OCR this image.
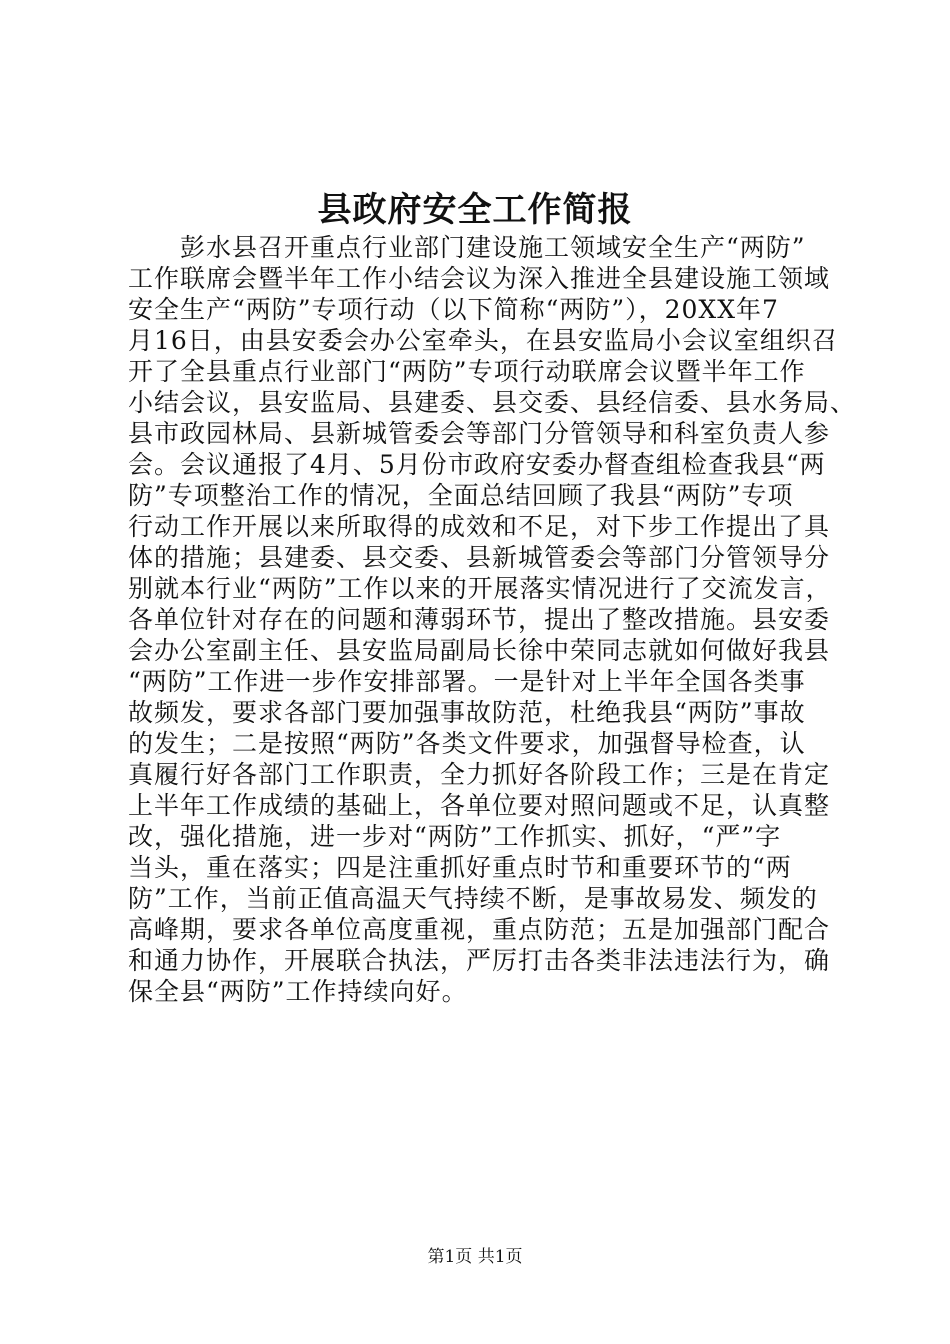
县政府安全工作简报
　　彭水县召开重点行业部门建设施工领域安全生产“两防”
工作联席会暨半年工作小结会议为深入推进全县建设施工领域
安全生产“两防”专项行动（以下简称“两防”），20XX年7
月16日，由县安委会办公室牵头，在县安监局小会议室组织召
开了全县重点行业部门“两防”专项行动联席会议暨半年工作
小结会议，县安监局、县建委、县交委、县经信委、县水务局、
县市政园林局、县新城管委会等部门分管领导和科室负责人参
会。会议通报了4月、5月份市政府安委办督查组检查我县“两
防”专项整治工作的情况，全面总结回顾了我县“两防”专项
行动工作开展以来所取得的成效和不足，对下步工作提出了具
体的措施；县建委、县交委、县新城管委会等部门分管领导分
别就本行业“两防”工作以来的开展落实情况进行了交流发言，
各单位针对存在的问题和薄弱环节，提出了整改措施。县安委
会办公室副主任、县安监局副局长徐中荣同志就如何做好我县
“两防”工作进一步作安排部署。一是针对上半年全国各类事
故频发，要求各部门要加强事故防范，杜绝我县“两防”事故
的发生；二是按照“两防”各类文件要求，加强督导检查，认
真履行好各部门工作职责，全力抓好各阶段工作；三是在肯定
上半年工作成绩的基础上，各单位要对照问题或不足，认真整
改，强化措施，进一步对“两防”工作抓实、抓好，“严”字
当头，重在落实；四是注重抓好重点时节和重要环节的“两
防”工作，当前正值高温天气持续不断，是事故易发、频发的
高峰期，要求各单位高度重视，重点防范；五是加强部门配合
和通力协作，开展联合执法，严厉打击各类非法违法行为，确
保全县“两防”工作持续向好。
第1页 共1页
